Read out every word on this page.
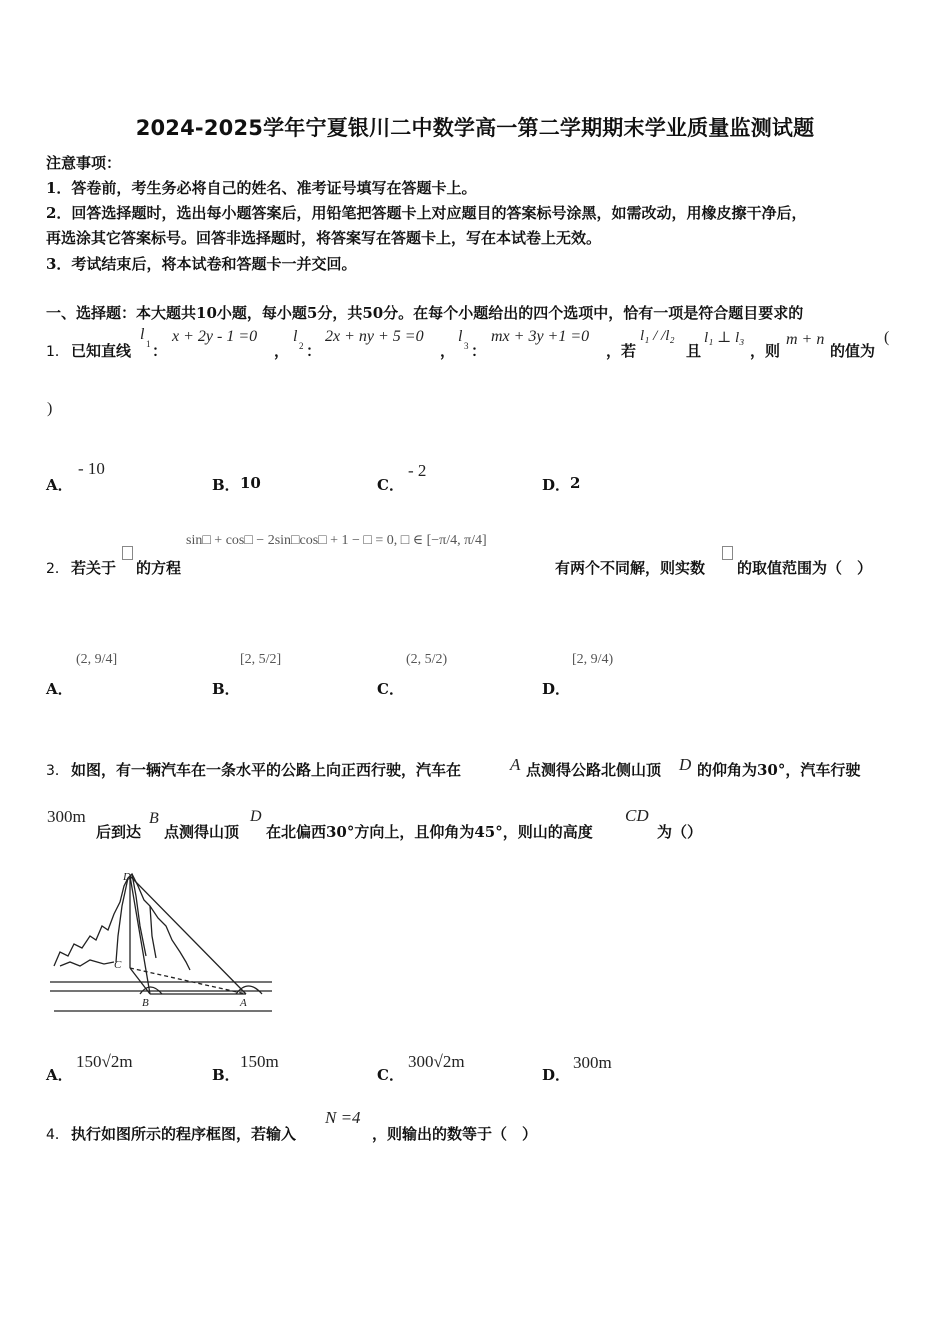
2024-2025学年宁夏银川二中数学高一第二学期期末学业质量监测试题
注意事项：
1．答卷前，考生务必将自己的姓名、准考证号填写在答题卡上。
2．回答选择题时，选出每小题答案后，用铅笔把答题卡上对应题目的答案标号涂黑，如需改动，用橡皮擦干净后，
再选涂其它答案标号。回答非选择题时，将答案写在答题卡上，写在本试卷上无效。
3．考试结束后，将本试卷和答题卡一并交回。
一、选择题：本大题共10小题，每小题5分，共50分。在每个小题给出的四个选项中，恰有一项是符合题目要求的
1． 已知直线
l
1 ：
x + 2y - 1 =0
，
l
2 ：
2x + ny + 5 =0
，
l
3 ：
mx + 3y +1 =0
，若
l₁ / /l₂
且
l₁ ⊥ l₃
，则
m + n
的值为
(
)
A．
- 10
B． 10	C．
- 2
D． 2
2． 若关于 的方程
sin□ + cos□ − 2sin□cos□ + 1 − □ = 0, □ ∈ [−π/4, π/4]
有两个不同解，则实数 的取值范围为（　）
A．
(2, 9/4]
B．
[2, 5/2]
C．
(2, 5/2)
D．
[2, 9/4)
3． 如图，有一辆汽车在一条水平的公路上向正西行驶，汽车在	A 点测得公路北侧山顶 D 的仰角为30°，汽车行驶
300m
后到达
B
点测得山顶
D
在北偏西30°方向上，且仰角为45°，则山的高度
CD
为（）
D
C
B	A
A．
150√2m
B．
150m
C．
300√2m
D．
300m
4． 执行如图所示的程序框图，若输入
N =4
，则输出的数等于（　）
